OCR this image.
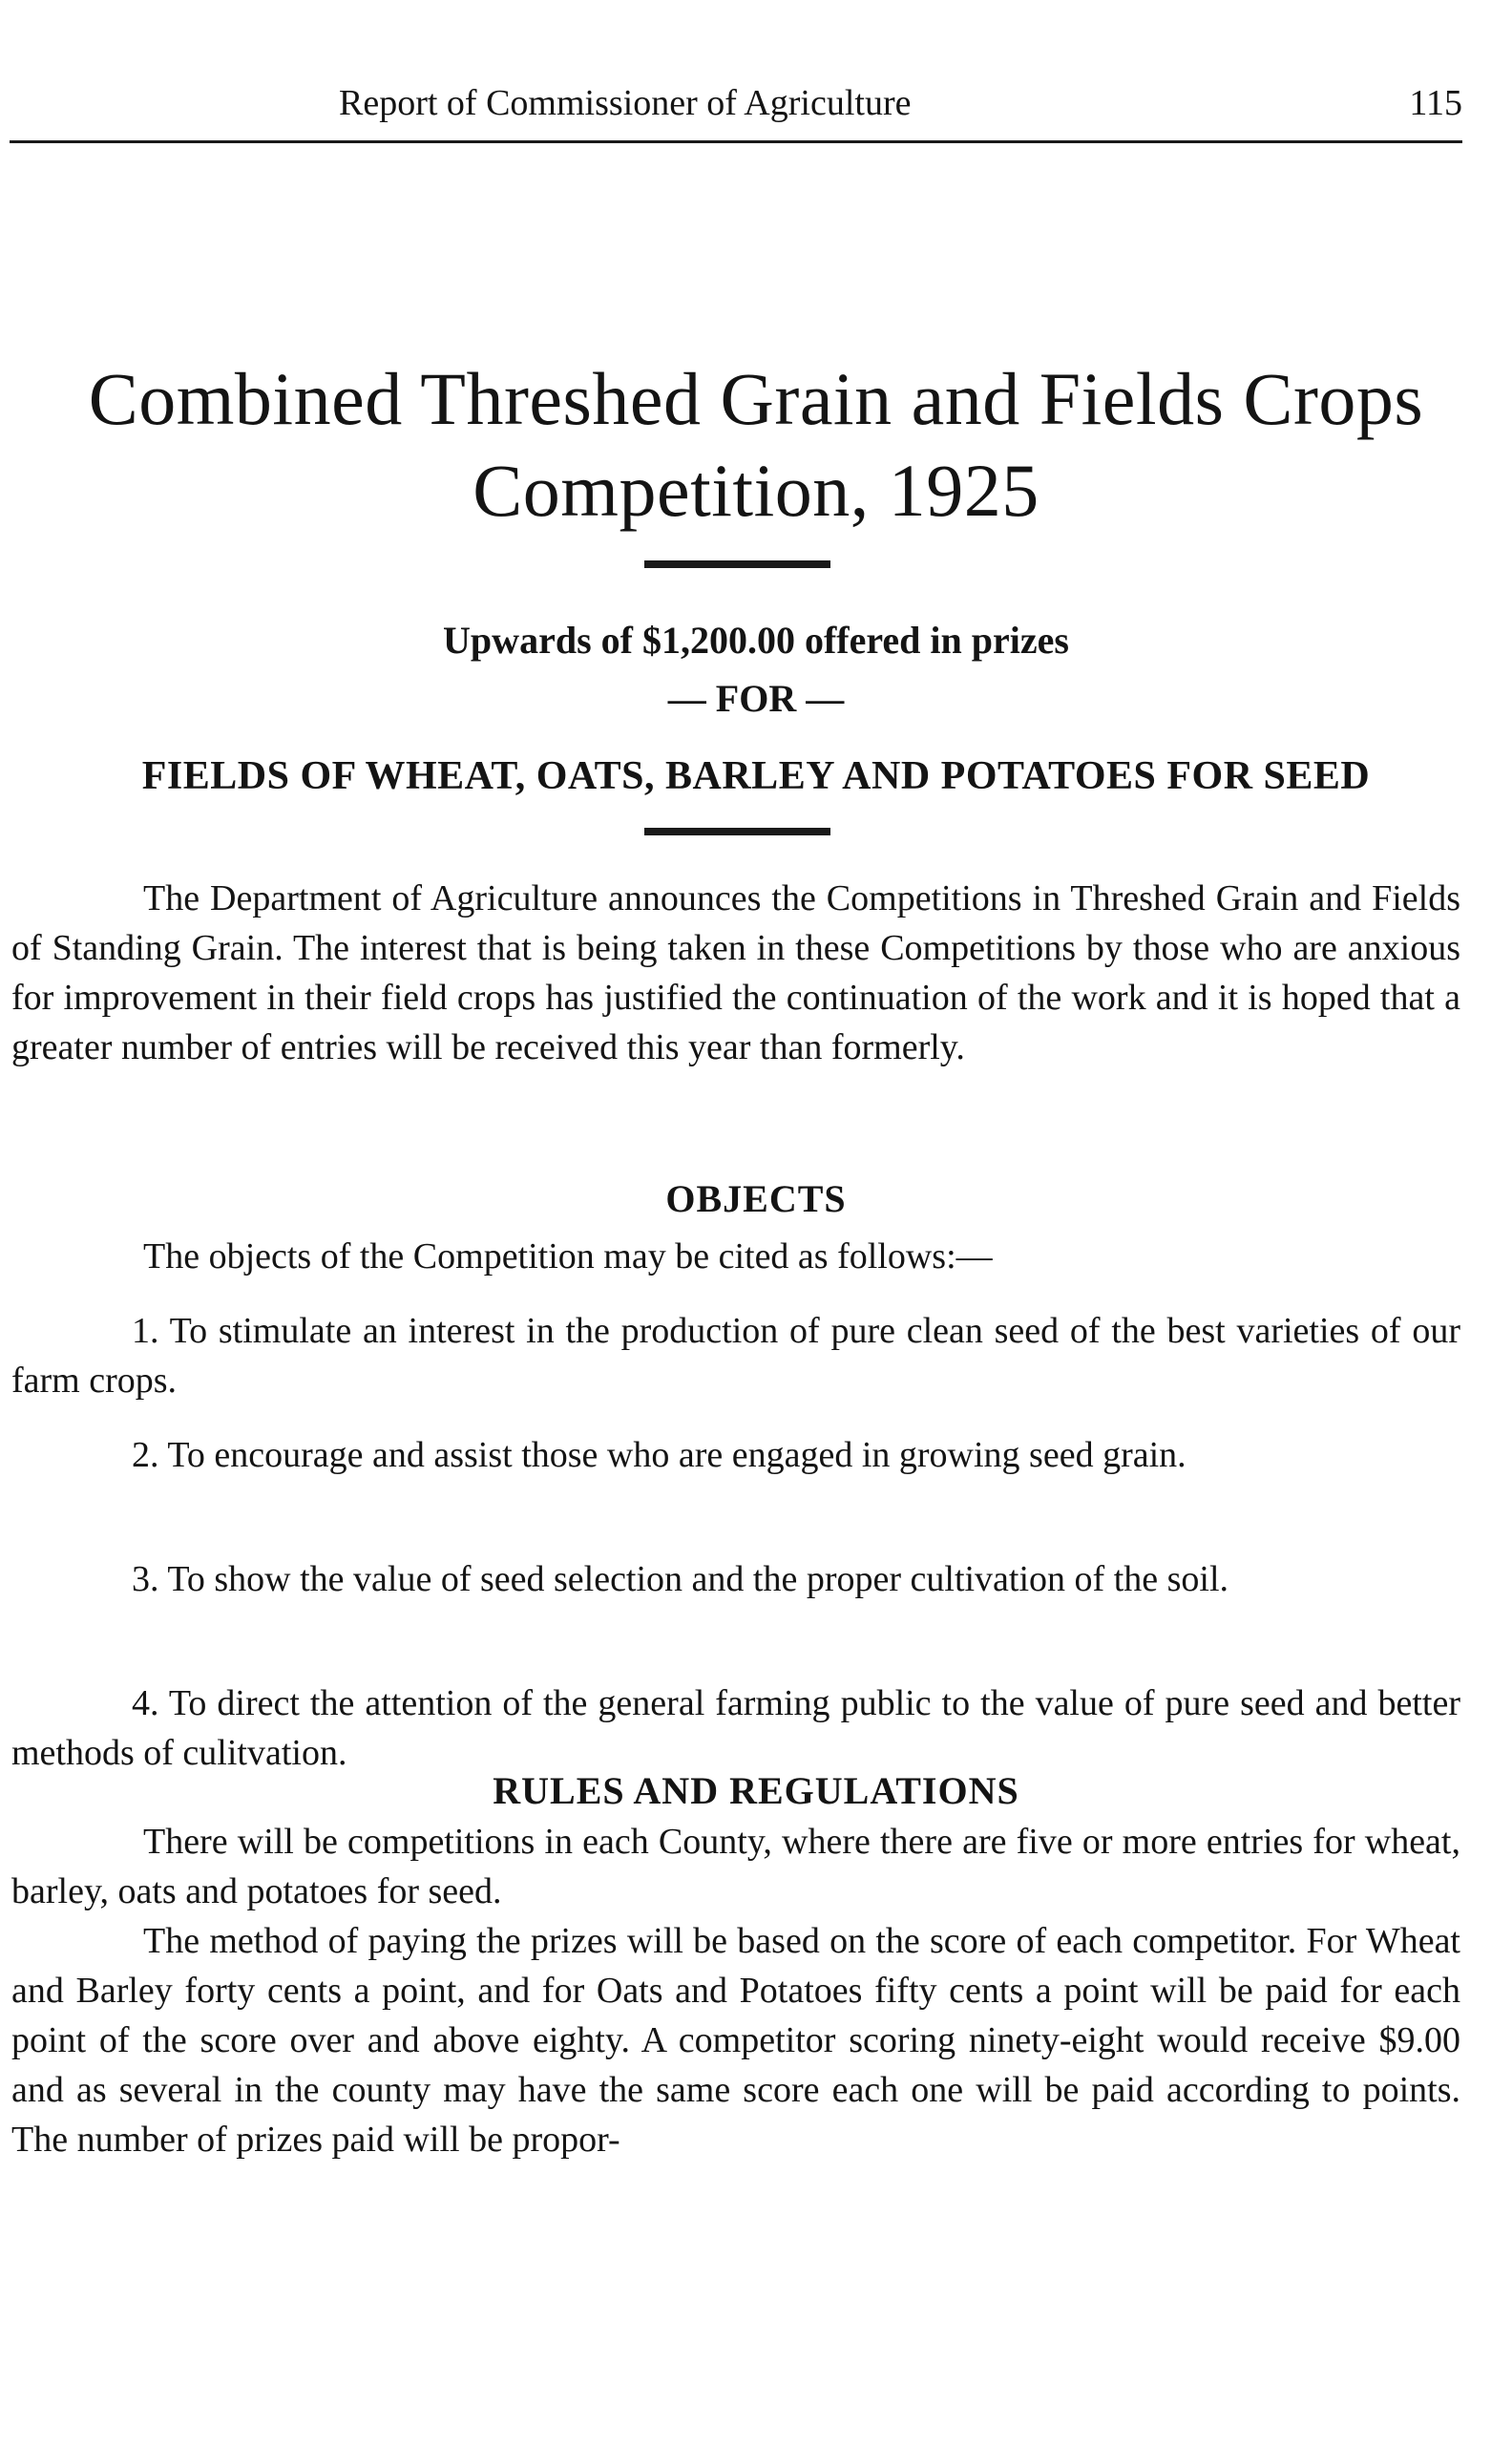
Report of Commissioner of Agriculture	115
Combined Threshed Grain and Fields Crops
Competition, 1925
Upwards of $1,200.00 offered in prizes
— FOR —
FIELDS OF WHEAT, OATS, BARLEY AND POTATOES FOR SEED

The Department of Agriculture announces the Competitions in Threshed Grain and Fields of Standing Grain. The interest that is being taken in these Competitions by those who are anxious for improvement in their field crops has justified the continuation of the work and it is hoped that a greater number of entries will be received this year than formerly.

OBJECTS

The objects of the Competition may be cited as follows:—

1. To stimulate an interest in the production of pure clean seed of the best varieties of our farm crops.

2. To encourage and assist those who are engaged in growing seed grain.

3. To show the value of seed selection and the proper cultivation of the soil.

4. To direct the attention of the general farming public to the value of pure seed and better methods of culitvation.

RULES AND REGULATIONS

There will be competitions in each County, where there are five or more entries for wheat, barley, oats and potatoes for seed.

The method of paying the prizes will be based on the score of each competitor. For Wheat and Barley forty cents a point, and for Oats and Potatoes fifty cents a point will be paid for each point of the score over and above eighty. A competitor scoring ninety-eight would receive $9.00 and as several in the county may have the same score each one will be paid according to points. The number of prizes paid will be propor-
